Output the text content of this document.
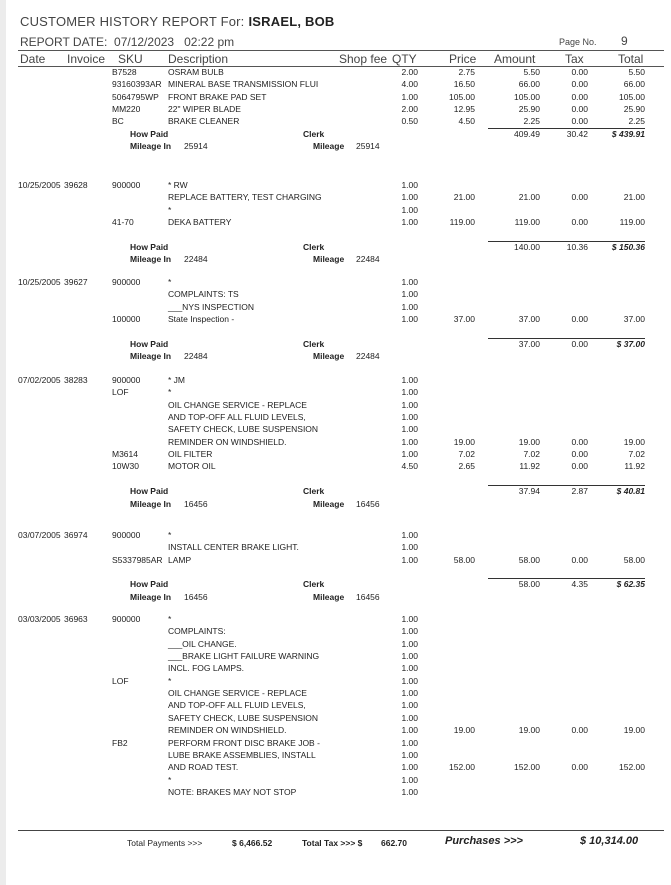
CUSTOMER HISTORY REPORT For: ISRAEL, BOB
REPORT DATE: 07/12/2023 02:22 pm	Page No. 9
Date Invoice SKU Description	Shop fee QTY	Price Amount Tax	Total
B7528	OSRAM BULB	2.00	2.75	5.50	0.00	5.50
93160393AR MINERAL BASE TRANSMISSION FLUI	4.00	16.50	66.00	0.00	66.00
5064795WP FRONT BRAKE PAD SET	1.00	105.00	105.00	0.00	105.00
MM220	22" WIPER BLADE	2.00	12.95	25.90	0.00	25.90
BC	BRAKE CLEANER	0.50	4.50	2.25	0.00	2.25
How Paid	Clerk	409.49	30.42	$ 439.91
Mileage In 25914	Mileage 25914
10/25/2005 39628	900000	* RW	1.00
REPLACE BATTERY, TEST CHARGING	1.00	21.00	21.00	0.00	21.00
*	1.00
41-70	DEKA BATTERY	1.00	119.00	119.00	0.00	119.00
How Paid	Clerk	140.00	10.36	$ 150.36
Mileage In 22484	Mileage 22484
10/25/2005 39627	900000	*	1.00
COMPLAINTS: TS	1.00
___NYS INSPECTION	1.00
100000	State Inspection -	1.00	37.00	37.00	0.00	37.00
How Paid	Clerk	37.00	0.00	$ 37.00
Mileage In 22484	Mileage 22484
07/02/2005 38283	900000	* JM	1.00
LOF	*	1.00
OIL CHANGE SERVICE - REPLACE	1.00
AND TOP-OFF ALL FLUID LEVELS,	1.00
SAFETY CHECK, LUBE SUSPENSION	1.00
REMINDER ON WINDSHIELD.	1.00	19.00	19.00	0.00	19.00
M3614	OIL FILTER	1.00	7.02	7.02	0.00	7.02
10W30	MOTOR OIL	4.50	2.65	11.92	0.00	11.92
How Paid	Clerk	37.94	2.87	$ 40.81
Mileage In 16456	Mileage 16456
03/07/2005 36974	900000	*	1.00
INSTALL CENTER BRAKE LIGHT.	1.00
S5337985AR LAMP	1.00	58.00	58.00	0.00	58.00
How Paid	Clerk	58.00	4.35	$ 62.35
Mileage In 16456	Mileage 16456
03/03/2005 36963	900000	*	1.00
COMPLAINTS:	1.00
___OIL CHANGE.	1.00
___BRAKE LIGHT FAILURE WARNING	1.00
INCL. FOG LAMPS.	1.00
LOF	*	1.00
OIL CHANGE SERVICE - REPLACE	1.00
AND TOP-OFF ALL FLUID LEVELS,	1.00
SAFETY CHECK, LUBE SUSPENSION	1.00
REMINDER ON WINDSHIELD.	1.00	19.00	19.00	0.00	19.00
FB2	PERFORM FRONT DISC BRAKE JOB -	1.00
LUBE BRAKE ASSEMBLIES, INSTALL	1.00
AND ROAD TEST.	1.00	152.00	152.00	0.00	152.00
*	1.00
NOTE: BRAKES MAY NOT STOP	1.00
Total Payments >>>	$ 6,466.52	Total Tax >>> $ 662.70	Purchases >>>	$ 10,314.00
